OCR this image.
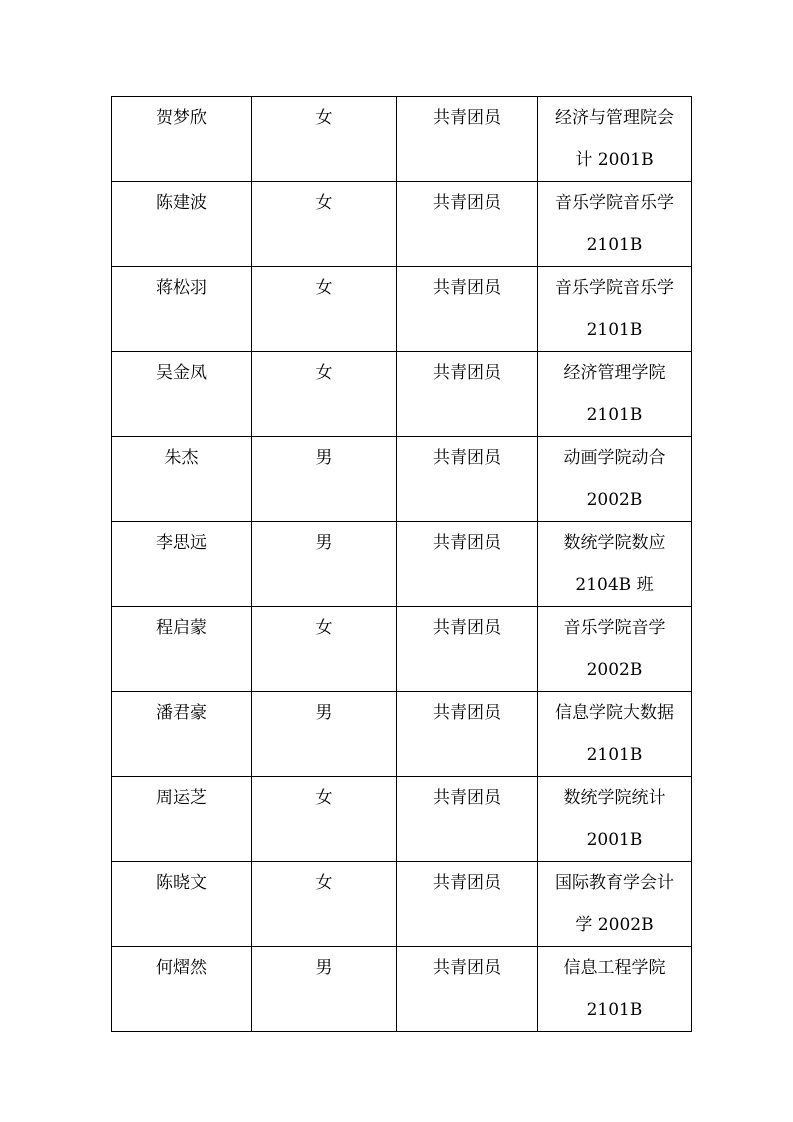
贺梦欣	女	共青团员	经济与管理院会
计 2001B

陈建波	女	共青团员	音乐学院音乐学
2101B

蒋松羽	女	共青团员	音乐学院音乐学
2101B

吴金凤	女	共青团员	经济管理学院
2101B

朱杰	男	共青团员	动画学院动合
2002B

李思远	男	共青团员	数统学院数应
2104B 班

程启蒙	女	共青团员	音乐学院音学
2002B

潘君豪	男	共青团员	信息学院大数据
2101B

周运芝	女	共青团员	数统学院统计
2001B

陈晓文	女	共青团员	国际教育学会计
学 2002B

何熠然	男	共青团员	信息工程学院
2101B
